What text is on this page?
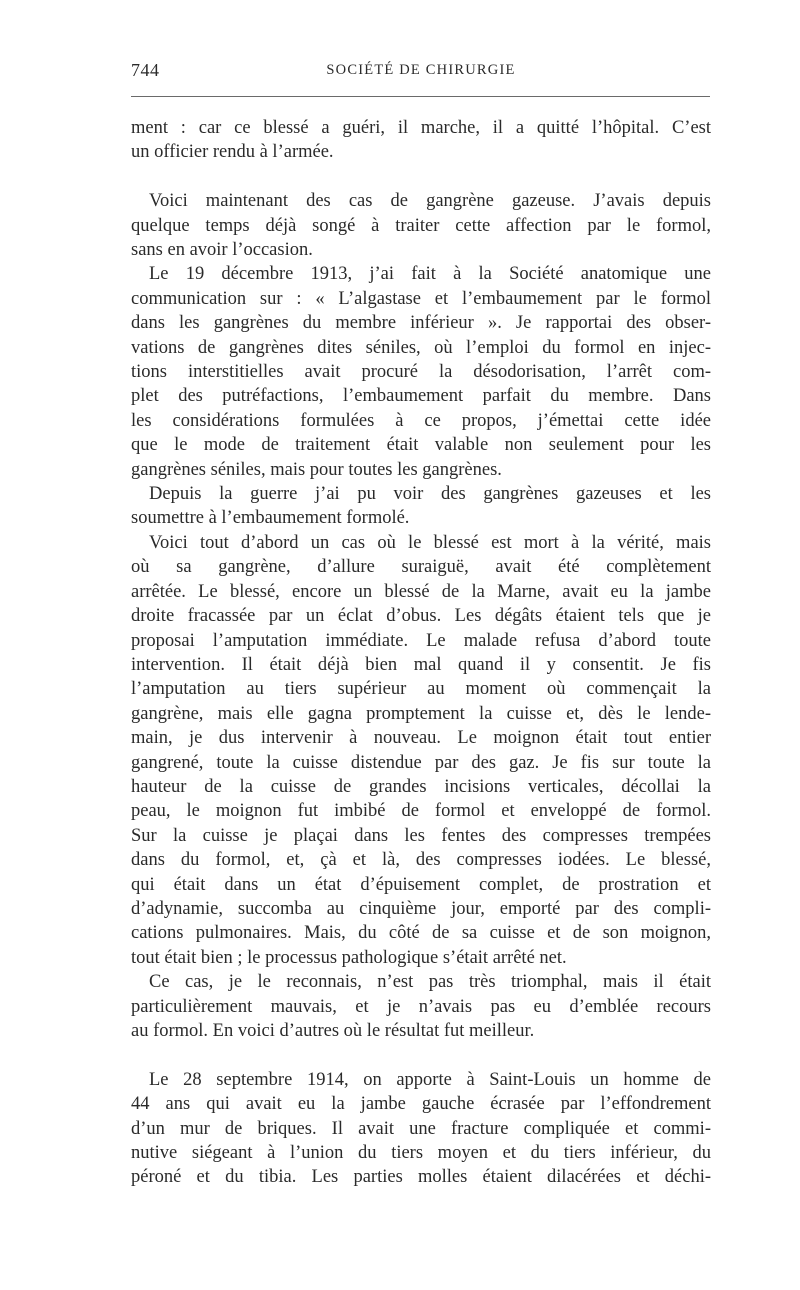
744	SOCIÉTÉ DE CHIRURGIE

ment : car ce blessé a guéri, il marche, il a quitté l’hôpital. C’est

un officier rendu à l’armée.

Voici maintenant des cas de gangrène gazeuse. J’avais depuis

quelque temps déjà songé à traiter cette affection par le formol,

sans en avoir l’occasion.

Le 19 décembre 1913, j’ai fait à la Société anatomique une

communication sur : « L’algastase et l’embaumement par le formol

dans les gangrènes du membre inférieur ». Je rapportai des obser-

vations de gangrènes dites séniles, où l’emploi du formol en injec-

tions interstitielles avait procuré la désodorisation, l’arrêt com-

plet des putréfactions, l’embaumement parfait du membre. Dans

les considérations formulées à ce propos, j’émettai cette idée

que le mode de traitement était valable non seulement pour les

gangrènes séniles, mais pour toutes les gangrènes.

Depuis la guerre j’ai pu voir des gangrènes gazeuses et les

soumettre à l’embaumement formolé.

Voici tout d’abord un cas où le blessé est mort à la vérité, mais

où sa gangrène, d’allure suraiguë, avait été complètement

arrêtée. Le blessé, encore un blessé de la Marne, avait eu la jambe

droite fracassée par un éclat d’obus. Les dégâts étaient tels que je

proposai l’amputation immédiate. Le malade refusa d’abord toute

intervention. Il était déjà bien mal quand il y consentit. Je fis

l’amputation au tiers supérieur au moment où commençait la

gangrène, mais elle gagna promptement la cuisse et, dès le lende-

main, je dus intervenir à nouveau. Le moignon était tout entier

gangrené, toute la cuisse distendue par des gaz. Je fis sur toute la

hauteur de la cuisse de grandes incisions verticales, décollai la

peau, le moignon fut imbibé de formol et enveloppé de formol.

Sur la cuisse je plaçai dans les fentes des compresses trempées

dans du formol, et, çà et là, des compresses iodées. Le blessé,

qui était dans un état d’épuisement complet, de prostration et

d’adynamie, succomba au cinquième jour, emporté par des compli-

cations pulmonaires. Mais, du côté de sa cuisse et de son moignon,

tout était bien ; le processus pathologique s’était arrêté net.

Ce cas, je le reconnais, n’est pas très triomphal, mais il était

particulièrement mauvais, et je n’avais pas eu d’emblée recours

au formol. En voici d’autres où le résultat fut meilleur.

Le 28 septembre 1914, on apporte à Saint-Louis un homme de

44 ans qui avait eu la jambe gauche écrasée par l’effondrement

d’un mur de briques. Il avait une fracture compliquée et commi-

nutive siégeant à l’union du tiers moyen et du tiers inférieur, du

péroné et du tibia. Les parties molles étaient dilacérées et déchi-
